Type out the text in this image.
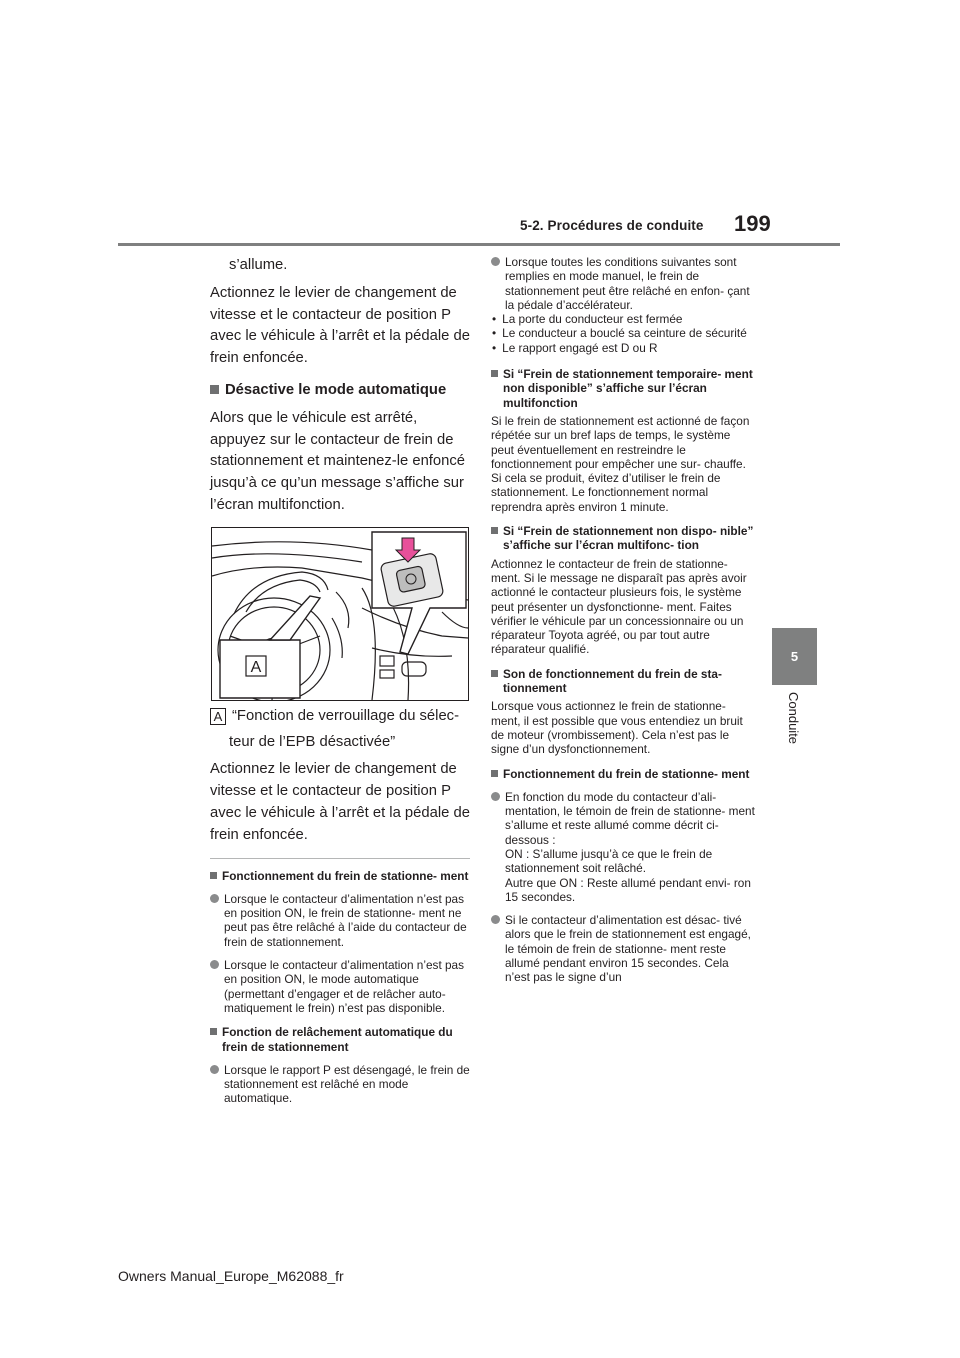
5-2. Procédures de conduite 199
5
Conduite

s’allume.

Actionnez le levier de changement de vitesse et le contacteur de position P avec le véhicule à l’arrêt et la pédale de frein enfoncée.

Désactive le mode automatique

Alors que le véhicule est arrêté, appuyez sur le contacteur de frein de stationnement et maintenez-le enfoncé jusqu’à ce qu’un message s’affiche sur l’écran multifonction.

A
A “Fonction de verrouillage du sélec-

teur de l’EPB désactivée”

Actionnez le levier de changement de vitesse et le contacteur de position P avec le véhicule à l’arrêt et la pédale de frein enfoncée.

Fonctionnement du frein de stationne- ment
Lorsque le contacteur d’alimentation n’est pas en position ON, le frein de stationne- ment ne peut pas être relâché à l’aide du contacteur de frein de stationnement.
Lorsque le contacteur d’alimentation n’est pas en position ON, le mode automatique (permettant d’engager et de relâcher auto- matiquement le frein) n’est pas disponible.
Fonction de relâchement automatique du frein de stationnement
Lorsque le rapport P est désengagé, le frein de stationnement est relâché en mode automatique.
Lorsque toutes les conditions suivantes sont remplies en mode manuel, le frein de stationnement peut être relâché en enfon- çant la pédale d’accélérateur.
• La porte du conducteur est fermée
• Le conducteur a bouclé sa ceinture de sécurité
• Le rapport engagé est D ou R
Si “Frein de stationnement temporaire- ment non disponible” s’affiche sur l’écran multifonction

Si le frein de stationnement est actionné de façon répétée sur un bref laps de temps, le système peut éventuellement en restreindre le fonctionnement pour empêcher une sur- chauffe. Si cela se produit, évitez d’utiliser le frein de stationnement. Le fonctionnement normal reprendra après environ 1 minute.

Si “Frein de stationnement non dispo- nible” s’affiche sur l’écran multifonc- tion

Actionnez le contacteur de frein de stationne- ment. Si le message ne disparaît pas après avoir actionné le contacteur plusieurs fois, le système peut présenter un dysfonctionne- ment. Faites vérifier le véhicule par un concessionnaire ou un réparateur Toyota agréé, ou par tout autre réparateur qualifié.

Son de fonctionnement du frein de sta- tionnement

Lorsque vous actionnez le frein de stationne- ment, il est possible que vous entendiez un bruit de moteur (vrombissement). Cela n’est pas le signe d’un dysfonctionnement.

Fonctionnement du frein de stationne- ment
En fonction du mode du contacteur d’ali- mentation, le témoin de frein de stationne- ment s’allume et reste allumé comme décrit ci-dessous :
ON : S’allume jusqu’à ce que le frein de stationnement soit relâché.
Autre que ON : Reste allumé pendant envi- ron 15 secondes.
Si le contacteur d’alimentation est désac- tivé alors que le frein de stationnement est engagé, le témoin de frein de stationne- ment reste allumé pendant environ 15 secondes. Cela n’est pas le signe d’un
Owners Manual_Europe_M62088_fr
